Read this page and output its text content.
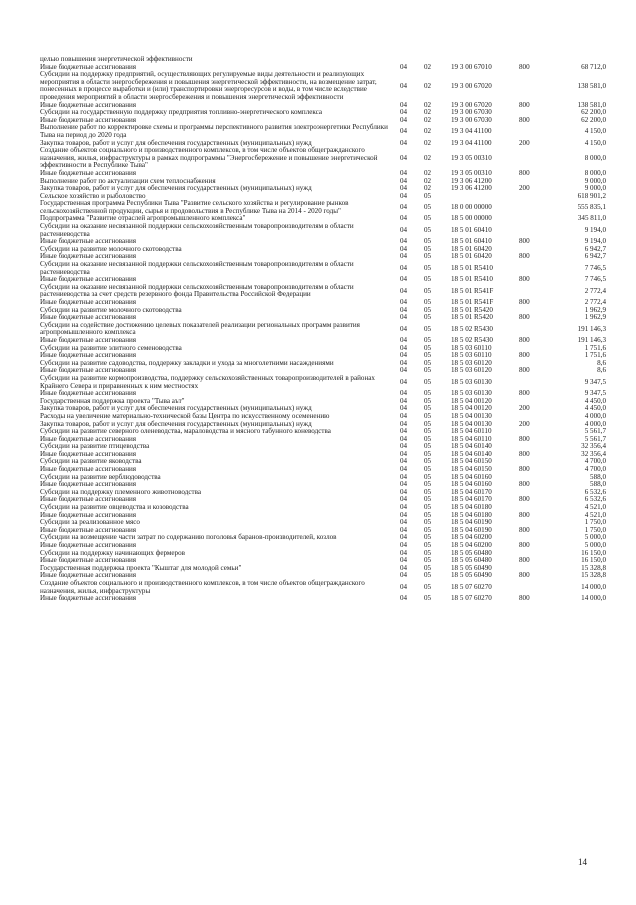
целью повышения энергетической эффективности					
Иные бюджетные ассигнования	04	02	19 3 00 67010	800	68 712,0
Субсидии на поддержку предприятий, осуществляющих регулируемые виды деятельности и реализующих мероприятия в области энергосбережения и повышения энергетической эффективности, на возмещение затрат, понесенных в процессе выработки и (или) транспортировки энергоресурсов и воды, в том числе вследствие проведения мероприятий в области энергосбережения и повышения энергетической эффективности	04	02	19 3 00 67020		138 581,0
Иные бюджетные ассигнования	04	02	19 3 00 67020	800	138 581,0
Субсидии на государственную поддержку предприятия топливно-энергетического комплекса	04	02	19 3 00 67030		62 200,0
Иные бюджетные ассигнования	04	02	19 3 00 67030	800	62 200,0
Выполнение работ по корректировке схемы и программы перспективного развития электроэнергетики Республики Тыва на период до 2020 года	04	02	19 3 04 41100		4 150,0
Закупка товаров, работ и услуг для обеспечения государственных (муниципальных) нужд	04	02	19 3 04 41100	200	4 150,0
Создание объектов социального и производственного комплексов, в том числе объектов общегражданского назначения, жилья, инфраструктуры в рамках подпрограммы "Энергосбережение и повышение энергетической эффективности в Республике Тыва"	04	02	19 3 05 00310		8 000,0
Иные бюджетные ассигнования	04	02	19 3 05 00310	800	8 000,0
Выполнение работ по актуализации схем теплоснабжения	04	02	19 3 06 41200		9 000,0
Закупка товаров, работ и услуг для обеспечения государственных (муниципальных) нужд	04	02	19 3 06 41200	200	9 000,0
Сельское хозяйство и рыболовство	04	05			618 901,2
Государственная программа Республики Тыва "Развитие сельского хозяйства и регулирование рынков сельскохозяйственной продукции, сырья и продовольствия в Республике Тыва на 2014 - 2020 годы"	04	05	18 0 00 00000		555 835,1
Подпрограмма "Развитие отраслей агропромышленного комплекса"	04	05	18 5 00 00000		345 811,0
Субсидии на оказание несвязанной поддержки сельскохозяйственным товаропроизводителям в области растениеводства	04	05	18 5 01 60410		9 194,0
Иные бюджетные ассигнования	04	05	18 5 01 60410	800	9 194,0
Субсидии на развитие молочного скотоводства	04	05	18 5 01 60420		6 942,7
Иные бюджетные ассигнования	04	05	18 5 01 60420	800	6 942,7
Субсидии на оказание несвязанной поддержки сельскохозяйственным товаропроизводителям в области растениеводства	04	05	18 5 01 R5410		7 746,5
Иные бюджетные ассигнования	04	05	18 5 01 R5410	800	7 746,5
Субсидии на оказание несвязанной поддержки сельскохозяйственным товаропроизводителям в области растениеводства за счет средств резервного фонда Правительства Российской Федерации	04	05	18 5 01 R541F		2 772,4
Иные бюджетные ассигнования	04	05	18 5 01 R541F	800	2 772,4
Субсидии на развитие молочного скотоводства	04	05	18 5 01 R5420		1 962,9
Иные бюджетные ассигнования	04	05	18 5 01 R5420	800	1 962,9
Субсидии на содействие достижению целевых показателей реализации региональных программ развития агропромышленного комплекса	04	05	18 5 02 R5430		191 146,3
Иные бюджетные ассигнования	04	05	18 5 02 R5430	800	191 146,3
Субсидии на развитие элитного семеноводства	04	05	18 5 03 60110		1 751,6
Иные бюджетные ассигнования	04	05	18 5 03 60110	800	1 751,6
Субсидии на развитие садоводства, поддержку закладки и ухода за многолетними насаждениями	04	05	18 5 03 60120		8,6
Иные бюджетные ассигнования	04	05	18 5 03 60120	800	8,6
Субсидии на развитие кормопроизводства, поддержку сельскохозяйственных товаропроизводителей в районах Крайнего Севера и приравненных к ним местностях	04	05	18 5 03 60130		9 347,5
Иные бюджетные ассигнования	04	05	18 5 03 60130	800	9 347,5
Государственная поддержка проекта "Тыва аът"	04	05	18 5 04 00120		4 450,0
Закупка товаров, работ и услуг для обеспечения государственных (муниципальных) нужд	04	05	18 5 04 00120	200	4 450,0
Расходы на увеличение материально-технической базы Центра по искусственному осеменению	04	05	18 5 04 00130		4 000,0
Закупка товаров, работ и услуг для обеспечения государственных (муниципальных) нужд	04	05	18 5 04 00130	200	4 000,0
Субсидии на развитие северного оленеводства, мараловодства и мясного табунного коневодства	04	05	18 5 04 60110		5 561,7
Иные бюджетные ассигнования	04	05	18 5 04 60110	800	5 561,7
Субсидии на развитие птицеводства	04	05	18 5 04 60140		32 356,4
Иные бюджетные ассигнования	04	05	18 5 04 60140	800	32 356,4
Субсидии на развитие яководства	04	05	18 5 04 60150		4 700,0
Иные бюджетные ассигнования	04	05	18 5 04 60150	800	4 700,0
Субсидии на развитие верблюдоводства	04	05	18 5 04 60160		588,0
Иные бюджетные ассигнования	04	05	18 5 04 60160	800	588,0
Субсидии на поддержку племенного животноводства	04	05	18 5 04 60170		6 532,6
Иные бюджетные ассигнования	04	05	18 5 04 60170	800	6 532,6
Субсидии на развитие овцеводства и козоводства	04	05	18 5 04 60180		4 521,0
Иные бюджетные ассигнования	04	05	18 5 04 60180	800	4 521,0
Субсидии за реализованное мясо	04	05	18 5 04 60190		1 750,0
Иные бюджетные ассигнования	04	05	18 5 04 60190	800	1 750,0
Субсидии на возмещение части затрат по содержанию поголовья баранов-производителей, козлов	04	05	18 5 04 60200		5 000,0
Иные бюджетные ассигнования	04	05	18 5 04 60200	800	5 000,0
Субсидии на поддержку начинающих фермеров	04	05	18 5 05 60480		16 150,0
Иные бюджетные ассигнования	04	05	18 5 05 60480	800	16 150,0
Государственная поддержка проекта "Кыштаг для молодой семьи"	04	05	18 5 05 60490		15 328,8
Иные бюджетные ассигнования	04	05	18 5 05 60490	800	15 328,8
Создание объектов социального и производственного комплексов, в том числе объектов общегражданского назначения, жилья, инфраструктуры	04	05	18 5 07 60270		14 000,0
Иные бюджетные ассигнования	04	05	18 5 07 60270	800	14 000,0
14
